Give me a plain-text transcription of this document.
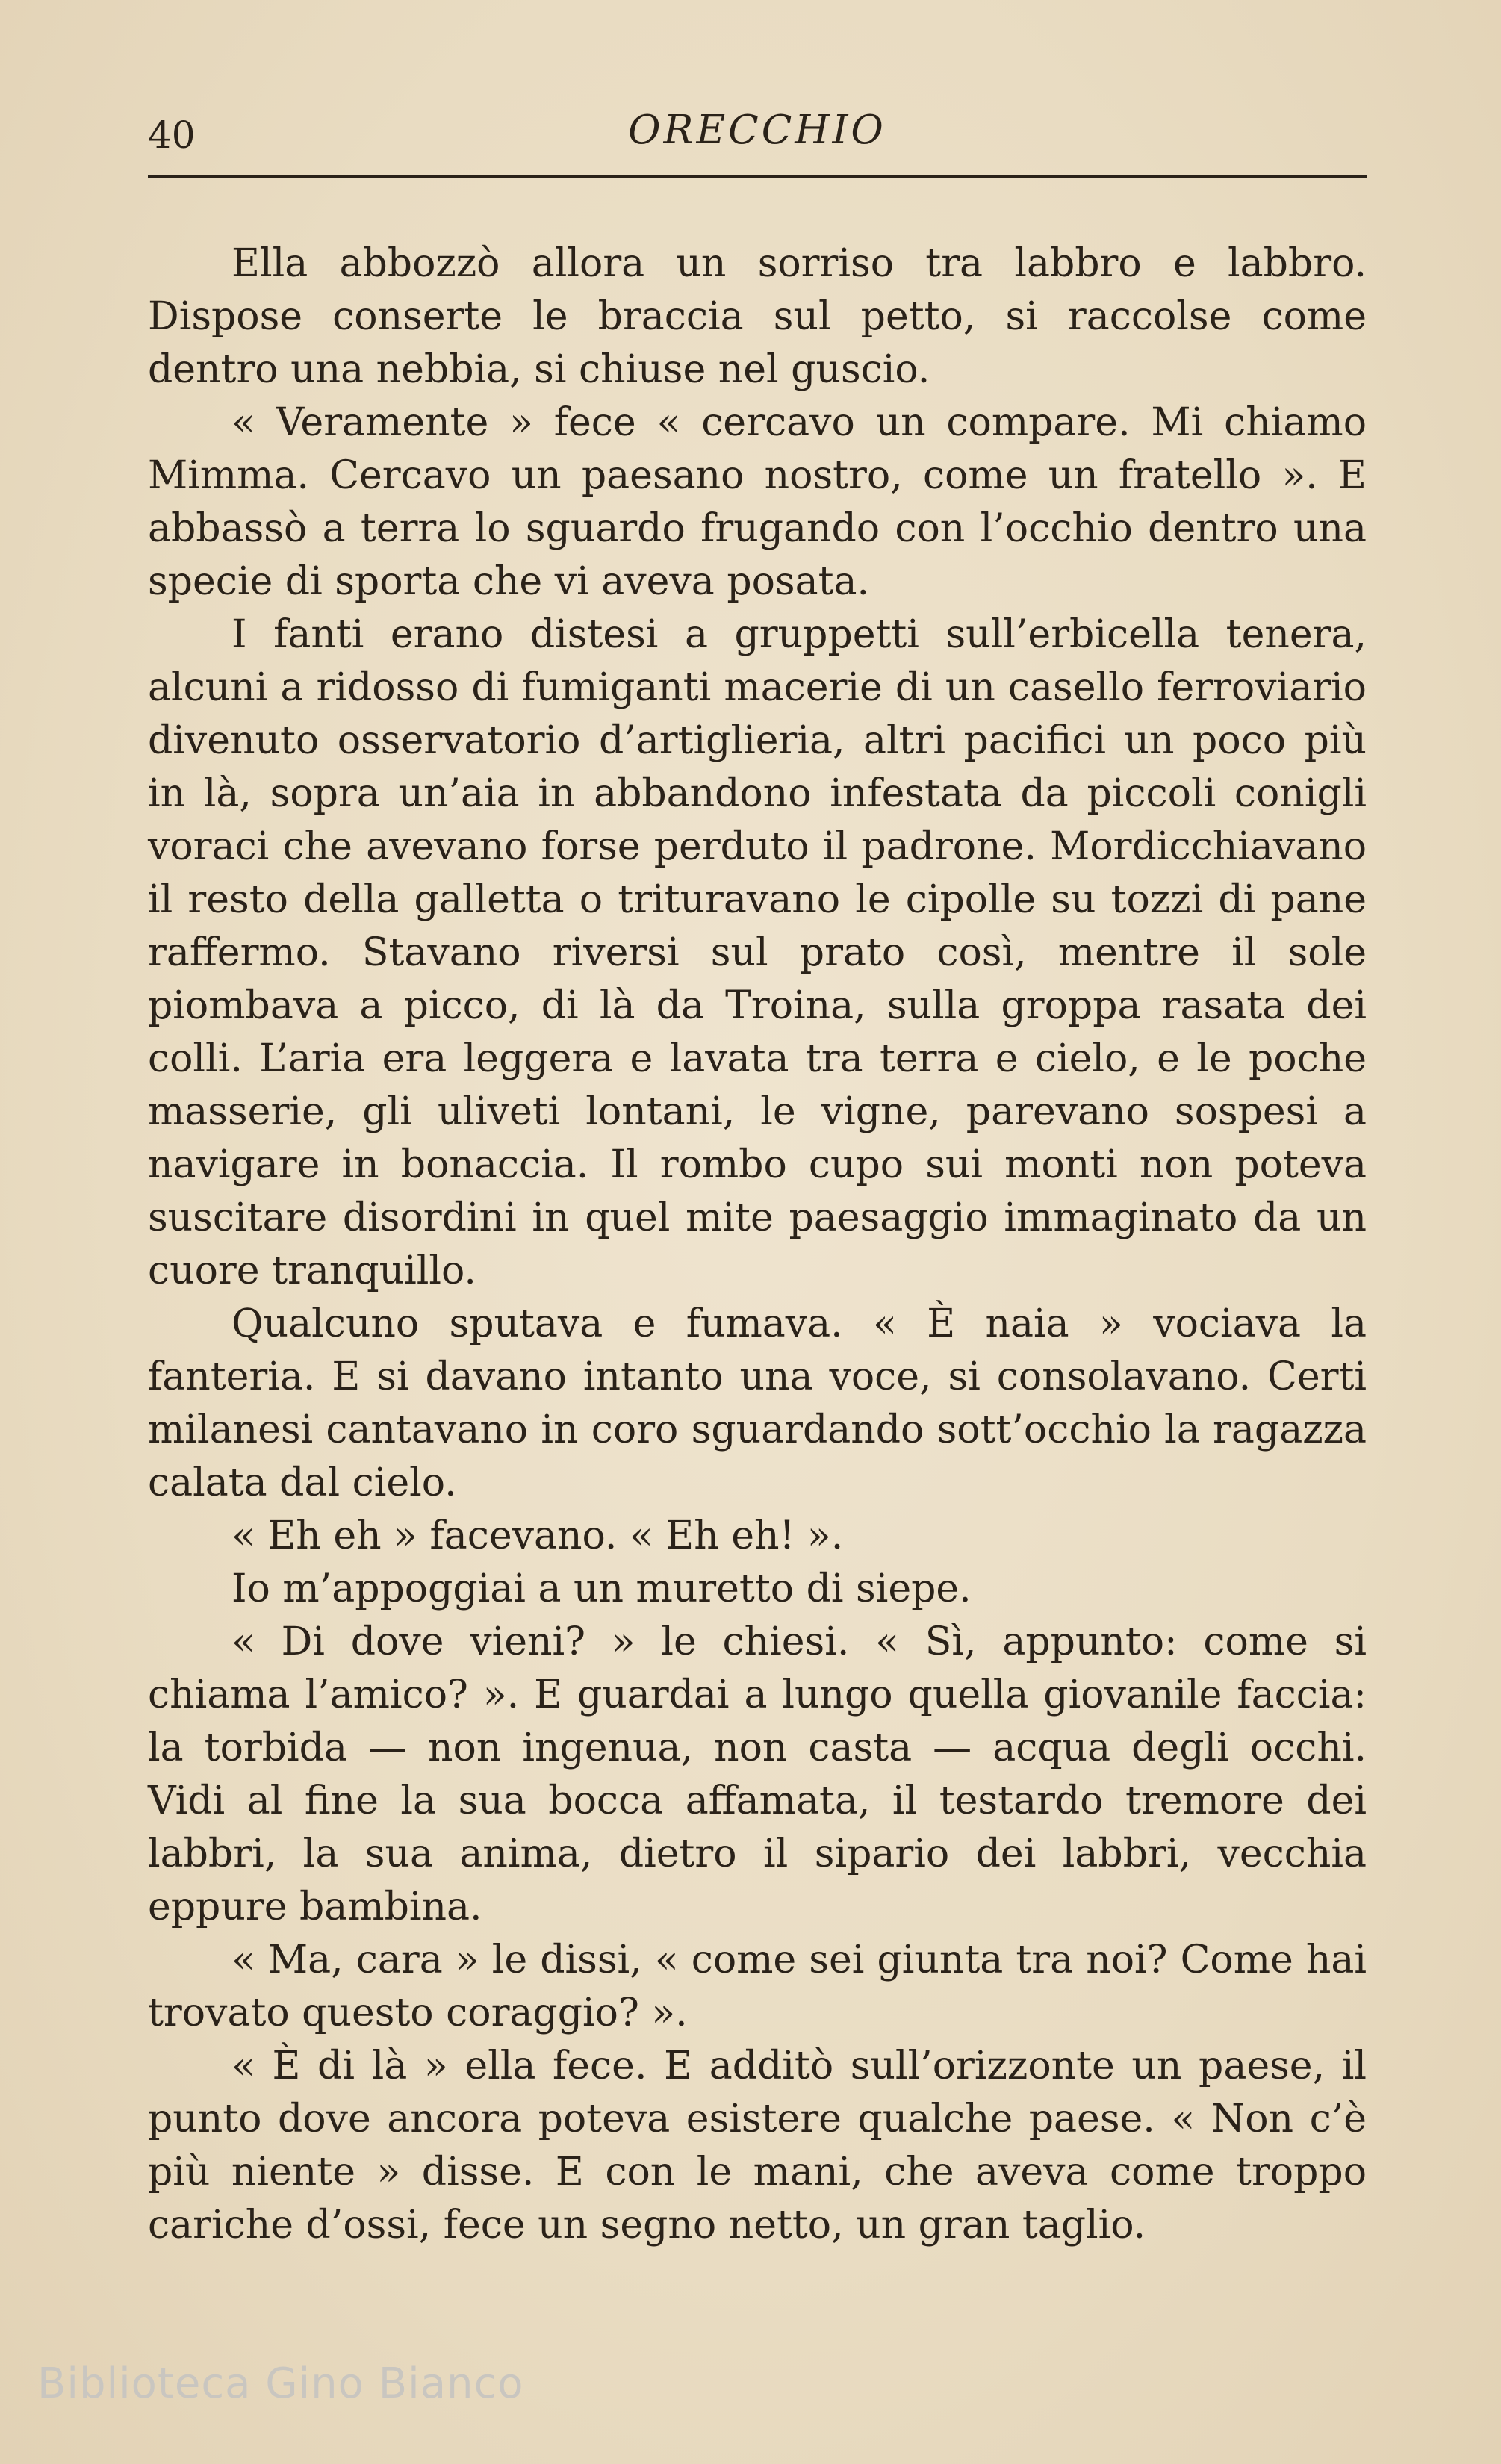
40	ORECCHIO

Ella abbozzò allora un sorriso tra labbro e labbro. Dispose conserte le braccia sul petto, si raccolse come dentro una nebbia, si chiuse nel guscio.

« Veramente » fece « cercavo un compare. Mi chiamo Mimma. Cercavo un paesano nostro, come un fratello ». E abbassò a terra lo sguardo frugando con l’occhio dentro una specie di sporta che vi aveva posata.

I fanti erano distesi a gruppetti sull’erbicella tenera, alcuni a ridosso di fumiganti macerie di un casello ferroviario divenuto osservatorio d’artiglieria, altri pacifici un poco più in là, sopra un’aia in abbandono infestata da piccoli conigli voraci che avevano forse perduto il padrone. Mordicchiavano il resto della galletta o trituravano le cipolle su tozzi di pane raffermo. Stavano riversi sul prato così, mentre il sole piombava a picco, di là da Troina, sulla groppa rasata dei colli. L’aria era leggera e lavata tra terra e cielo, e le poche masserie, gli uliveti lontani, le vigne, parevano sospesi a navigare in bonaccia. Il rombo cupo sui monti non poteva suscitare disordini in quel mite paesaggio immaginato da un cuore tranquillo.

Qualcuno sputava e fumava. « È naia » vociava la fanteria. E si davano intanto una voce, si consolavano. Certi milanesi cantavano in coro sguardando sott’occhio la ragazza calata dal cielo.

« Eh eh » facevano. « Eh eh! ».

Io m’appoggiai a un muretto di siepe.

« Di dove vieni? » le chiesi. « Sì, appunto: come si chiama l’amico? ». E guardai a lungo quella giovanile faccia: la torbida — non ingenua, non casta — acqua degli occhi. Vidi al fine la sua bocca affamata, il testardo tremore dei labbri, la sua anima, dietro il sipario dei labbri, vecchia eppure bambina.

« Ma, cara » le dissi, « come sei giunta tra noi? Come hai trovato questo coraggio? ».

« È di là » ella fece. E additò sull’orizzonte un paese, il punto dove ancora poteva esistere qualche paese. « Non c’è più niente » disse. E con le mani, che aveva come troppo cariche d’ossi, fece un segno netto, un gran taglio.

Biblioteca Gino Bianco
